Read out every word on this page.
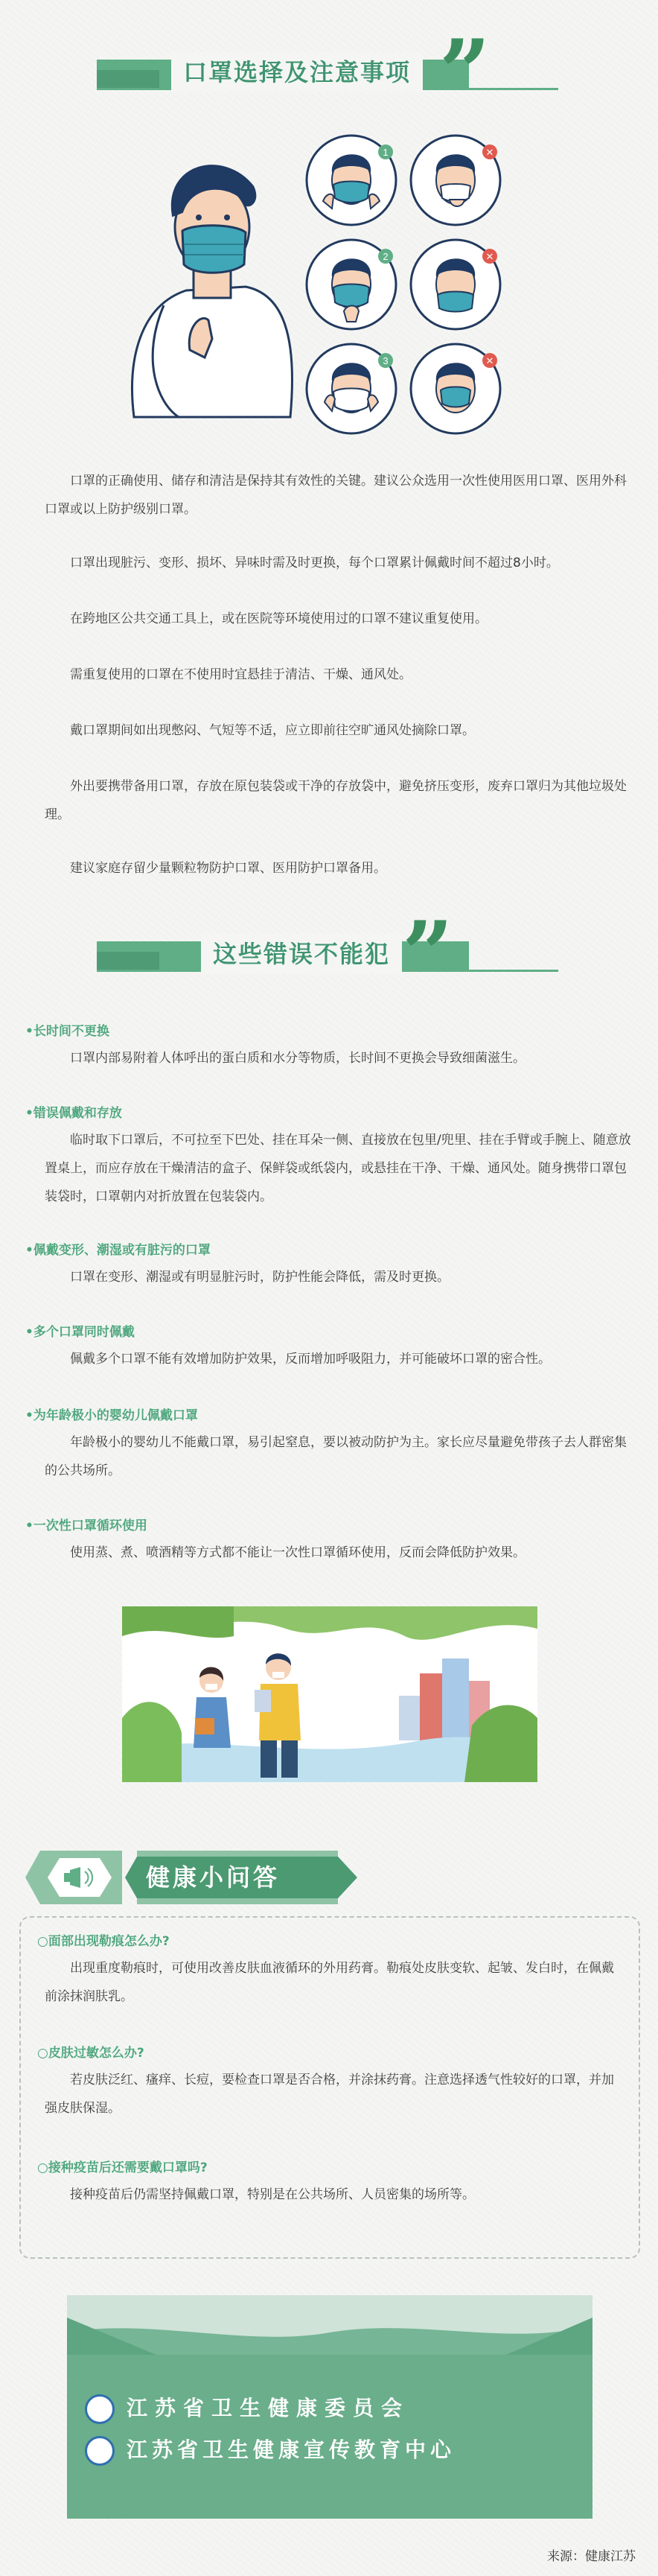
口罩选择及注意事项 ”
1	✕
2	✕
3	✕

口罩的正确使用、储存和清洁是保持其有效性的关键。建议公众选用一次性使用医用口罩、医用外科口罩或以上防护级别口罩。

口罩出现脏污、变形、损坏、异味时需及时更换，每个口罩累计佩戴时间不超过8小时。

在跨地区公共交通工具上，或在医院等环境使用过的口罩不建议重复使用。

需重复使用的口罩在不使用时宜悬挂于清洁、干燥、通风处。

戴口罩期间如出现憋闷、气短等不适，应立即前往空旷通风处摘除口罩。

外出要携带备用口罩，存放在原包装袋或干净的存放袋中，避免挤压变形，废弃口罩归为其他垃圾处理。

建议家庭存留少量颗粒物防护口罩、医用防护口罩备用。

这些错误不能犯 ”
•长时间不更换

口罩内部易附着人体呼出的蛋白质和水分等物质，长时间不更换会导致细菌滋生。

•错误佩戴和存放

临时取下口罩后，不可拉至下巴处、挂在耳朵一侧、直接放在包里/兜里、挂在手臂或手腕上、随意放置桌上，而应存放在干燥清洁的盒子、保鲜袋或纸袋内，或悬挂在干净、干燥、通风处。随身携带口罩包装袋时，口罩朝内对折放置在包装袋内。

•佩戴变形、潮湿或有脏污的口罩

口罩在变形、潮湿或有明显脏污时，防护性能会降低，需及时更换。

•多个口罩同时佩戴

佩戴多个口罩不能有效增加防护效果，反而增加呼吸阻力，并可能破坏口罩的密合性。

•为年龄极小的婴幼儿佩戴口罩

年龄极小的婴幼儿不能戴口罩，易引起窒息，要以被动防护为主。家长应尽量避免带孩子去人群密集的公共场所。

•一次性口罩循环使用

使用蒸、煮、喷酒精等方式都不能让一次性口罩循环使用，反而会降低防护效果。

健康小问答
○面部出现勒痕怎么办?

出现重度勒痕时，可使用改善皮肤血液循环的外用药膏。勒痕处皮肤变软、起皱、发白时，在佩戴前涂抹润肤乳。

○皮肤过敏怎么办?

若皮肤泛红、瘙痒、长痘，要检查口罩是否合格，并涂抹药膏。注意选择透气性较好的口罩，并加强皮肤保湿。

○接种疫苗后还需要戴口罩吗?

接种疫苗后仍需坚持佩戴口罩，特别是在公共场所、人员密集的场所等。

江苏省卫生健康委员会
江苏省卫生健康宣传教育中心
来源：健康江苏
